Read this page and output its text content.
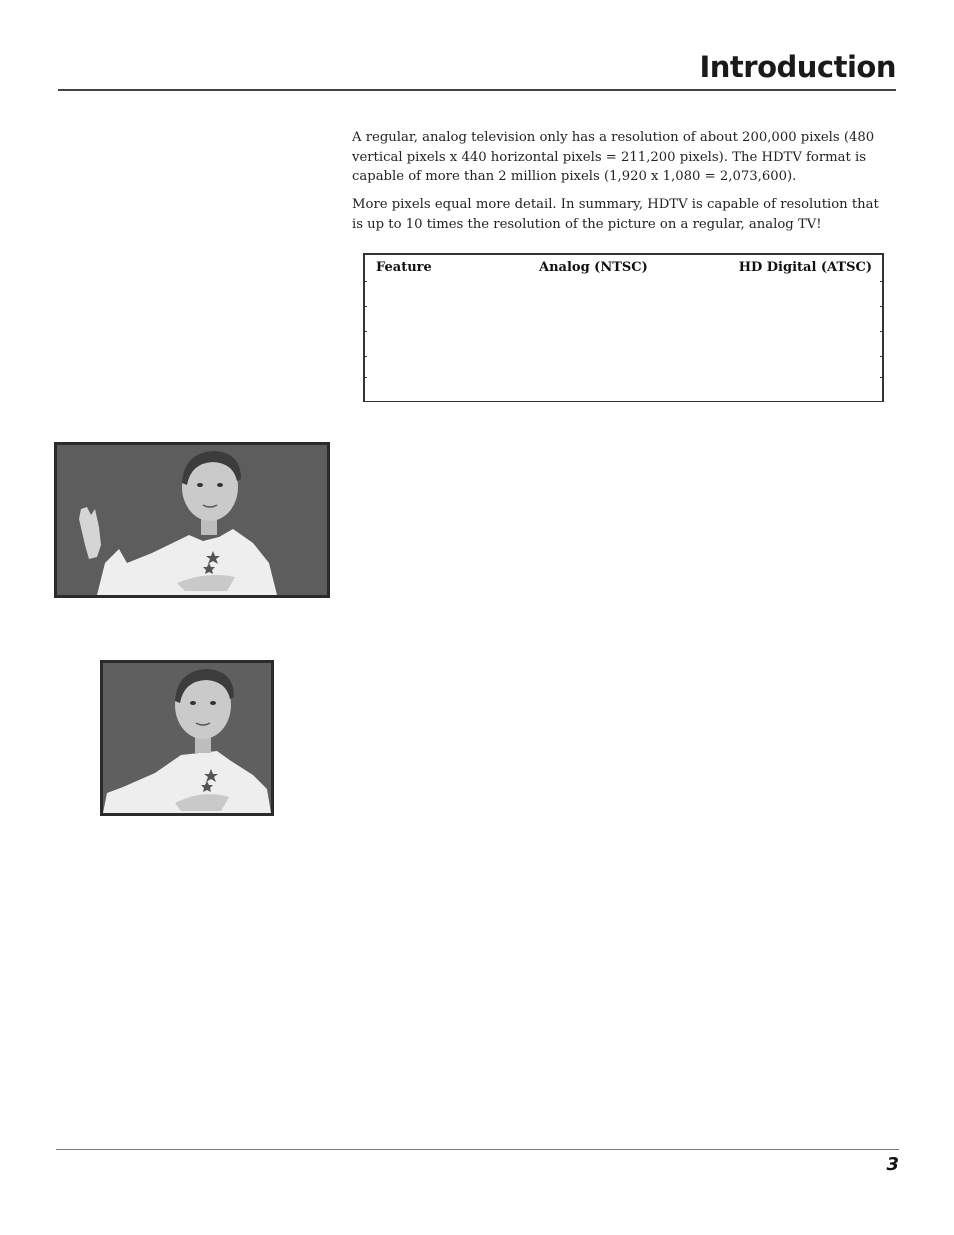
Introduction

A regular, analog television only has a resolution of about 200,000 pixels (480 vertical pixels x 440 horizontal pixels = 211,200 pixels). The HDTV format is capable of more than 2 million pixels (1,920 x 1,080 = 2,073,600).

More pixels equal more detail. In summary, HDTV is capable of resolution that is up to 10 times the resolution of the picture on a regular, analog TV!

Feature	Analog (NTSC)	HD Digital (ATSC)

3
